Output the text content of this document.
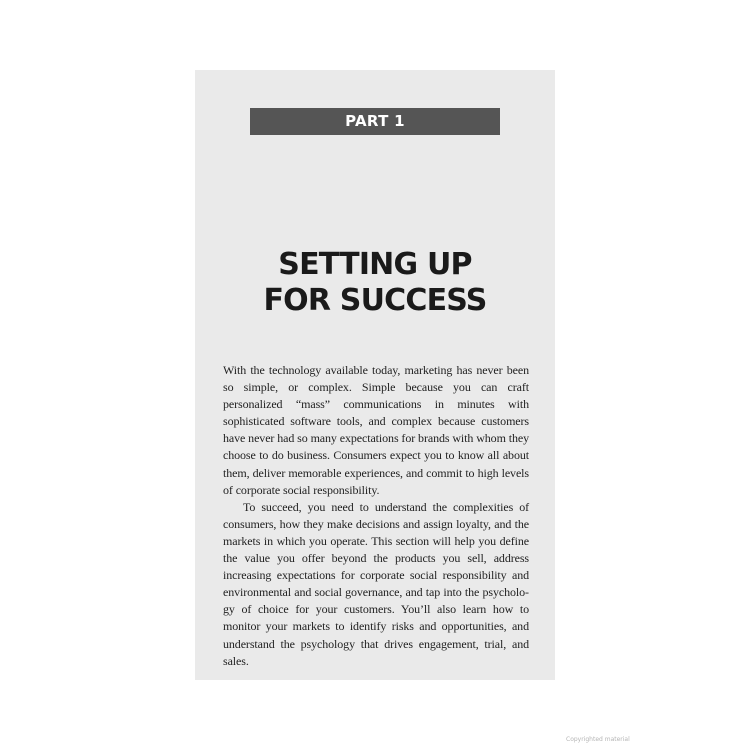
PART 1
SETTING UP
FOR SUCCESS

With the technology available today, marketing has never been so simple, or complex. Simple because you can craft personalized “mass” communications in minutes with sophisticated software tools, and complex because customers have never had so many expectations for brands with whom they choose to do business. Consumers expect you to know all about them, deliver memorable experiences, and commit to high levels of corporate social responsibility.

To succeed, you need to understand the complexities of consumers, how they make decisions and assign loyalty, and the markets in which you operate. This section will help you define the value you offer beyond the products you sell, address increasing expectations for corporate social responsibility and environmental and social governance, and tap into the psychology of choice for your customers. You’ll also learn how to monitor your markets to identify risks and opportunities, and understand the psychology that drives engagement, trial, and sales.

Copyrighted material
